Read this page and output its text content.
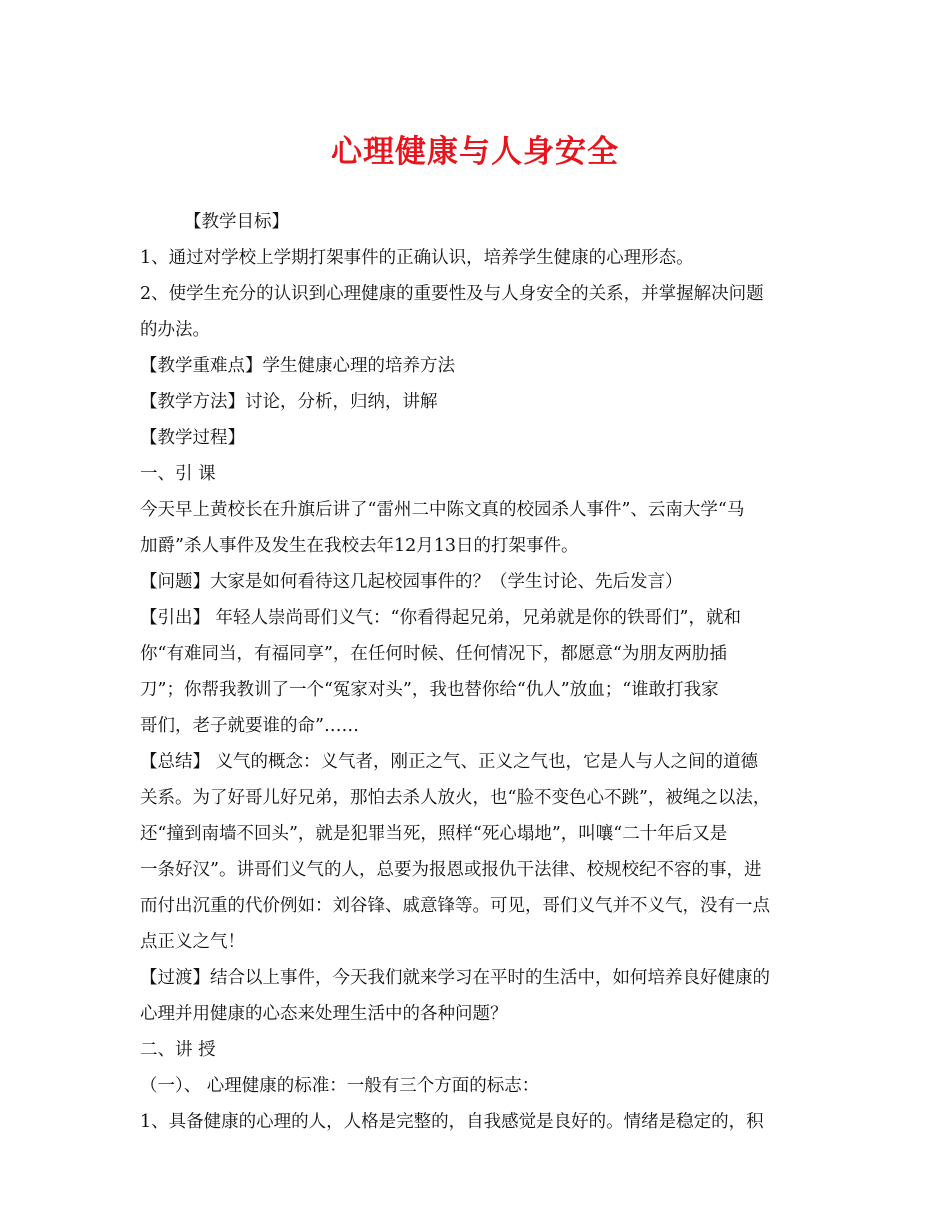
心理健康与人身安全
【教学目标】
1、通过对学校上学期打架事件的正确认识，培养学生健康的心理形态。
2、使学生充分的认识到心理健康的重要性及与人身安全的关系，并掌握解决问题
的办法。
【教学重难点】学生健康心理的培养方法
【教学方法】讨论，分析，归纳，讲解
【教学过程】
一、引 课
今天早上黄校长在升旗后讲了“雷州二中陈文真的校园杀人事件”、云南大学“马
加爵”杀人事件及发生在我校去年12月13日的打架事件。
【问题】大家是如何看待这几起校园事件的？（学生讨论、先后发言）
【引出】 年轻人崇尚哥们义气：“你看得起兄弟，兄弟就是你的铁哥们”，就和
你“有难同当，有福同享”，在任何时候、任何情况下，都愿意“为朋友两肋插
刀”；你帮我教训了一个“冤家对头”，我也替你给“仇人”放血；“谁敢打我家
哥们，老子就要谁的命”……
【总结】 义气的概念：义气者，刚正之气、正义之气也，它是人与人之间的道德
关系。为了好哥儿好兄弟，那怕去杀人放火，也“脸不变色心不跳”，被绳之以法，
还“撞到南墙不回头”，就是犯罪当死，照样“死心塌地”，叫嚷“二十年后又是
一条好汉”。讲哥们义气的人，总要为报恩或报仇干法律、校规校纪不容的事，进
而付出沉重的代价例如：刘谷锋、戚意锋等。可见，哥们义气并不义气，没有一点
点正义之气！
【过渡】结合以上事件，今天我们就来学习在平时的生活中，如何培养良好健康的
心理并用健康的心态来处理生活中的各种问题？
二、讲 授
（一）、 心理健康的标准：一般有三个方面的标志：
1、具备健康的心理的人，人格是完整的，自我感觉是良好的。情绪是稳定的，积
